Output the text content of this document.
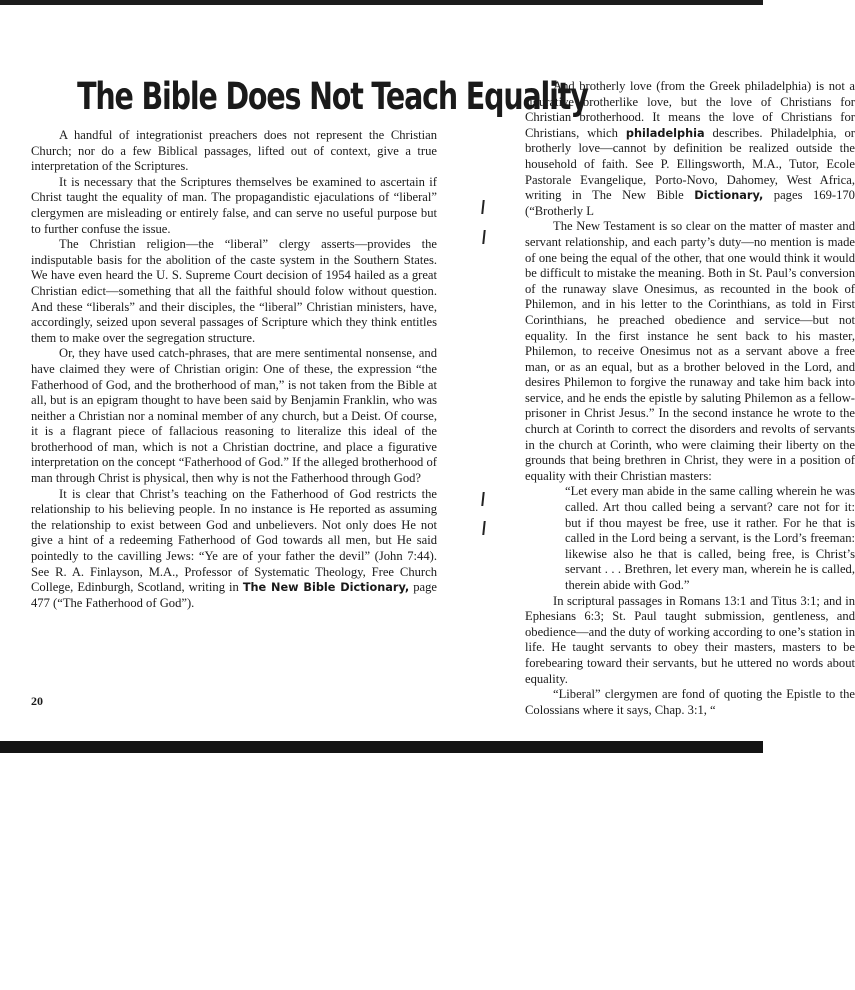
The Bible Does Not Teach Equality

A handful of integrationist preachers does not represent the Christian Church; nor do a few Biblical passages, lifted out of context, give a true interpretation of the Scriptures.

It is necessary that the Scriptures themselves be examined to ascertain if Christ taught the equality of man. The propagandistic ejaculations of “liberal” clergymen are misleading or entirely false, and can serve no useful purpose but to further confuse the issue.

The Christian religion—the “liberal” clergy asserts—provides the indisputable basis for the abolition of the caste system in the Southern States. We have even heard the U. S. Supreme Court decision of 1954 hailed as a great Christian edict—something that all the faithful should folow without question. And these “liberals” and their disciples, the “liberal” Christian ministers, have, accordingly, seized upon several passages of Scripture which they think entitles them to make over the segregation structure.

Or, they have used catch-phrases, that are mere sentimental nonsense, and have claimed they were of Christian origin: One of these, the expression “the Fatherhood of God, and the brotherhood of man,” is not taken from the Bible at all, but is an epigram thought to have been said by Benjamin Franklin, who was neither a Christian nor a nominal member of any church, but a Deist. Of course, it is a flagrant piece of fallacious reasoning to literalize this ideal of the brotherhood of man, which is not a Christian doctrine, and place a figurative interpretation on the concept “Fatherhood of God.” If the alleged brotherhood of man through Christ is physical, then why is not the Fatherhood through God?

It is clear that Christ’s teaching on the Fatherhood of God restricts the relationship to his believing people. In no instance is He reported as assuming the relationship to exist between God and unbelievers. Not only does He not give a hint of a redeeming Fatherhood of God towards all men, but He said pointedly to the cavilling Jews: “Ye are of your father the devil” (John 7:44). See R. A. Finlayson, M.A., Professor of Systematic Theology, Free Church College, Edinburgh, Scotland, writing in The New Bible Dictionary, page 477 (“The Fatherhood of God”).

20

And brotherly love (from the Greek philadelphia) is not a figurative brotherlike love, but the love of Christians for Christian brotherhood. It means the love of Christians for Christians, which philadelphia describes. Philadelphia, or brotherly love—cannot by definition be realized outside the household of faith. See P. Ellingsworth, M.A., Tutor, Ecole Pastorale Evangelique, Porto-Novo, Dahomey, West Africa, writing in The New Bible Dictionary, pages 169-170 (“Brotherly L

The New Testament is so clear on the matter of master and servant relationship, and each party’s duty—no mention is made of one being the equal of the other, that one would think it would be difficult to mistake the meaning. Both in St. Paul’s conversion of the runaway slave Onesimus, as recounted in the book of Philemon, and in his letter to the Corinthians, as told in First Corinthians, he preached obedience and service—but not equality. In the first instance he sent back to his master, Philemon, to receive Onesimus not as a servant above a free man, or as an equal, but as a brother beloved in the Lord, and desires Philemon to forgive the runaway and take him back into service, and he ends the epistle by saluting Philemon as a fellow-prisoner in Christ Jesus.” In the second instance he wrote to the church at Corinth to correct the disorders and revolts of servants in the church at Corinth, who were claiming their liberty on the grounds that being brethren in Christ, they were in a position of equality with their Christian masters:

“Let every man abide in the same calling wherein he was called. Art thou called being a servant? care not for it: but if thou mayest be free, use it rather. For he that is called in the Lord being a servant, is the Lord’s freeman: likewise also he that is called, being free, is Christ’s servant . . . Brethren, let every man, wherein he is called, therein abide with God.”

In scriptural passages in Romans 13:1 and Titus 3:1; and in Ephesians 6:3; St. Paul taught submission, gentleness, and obedience—and the duty of working according to one’s station in life. He taught servants to obey their masters, masters to be forebearing toward their servants, but he uttered no words about equality.

“Liberal” clergymen are fond of quoting the Epistle to the Colossians where it says, Chap. 3:1, “
